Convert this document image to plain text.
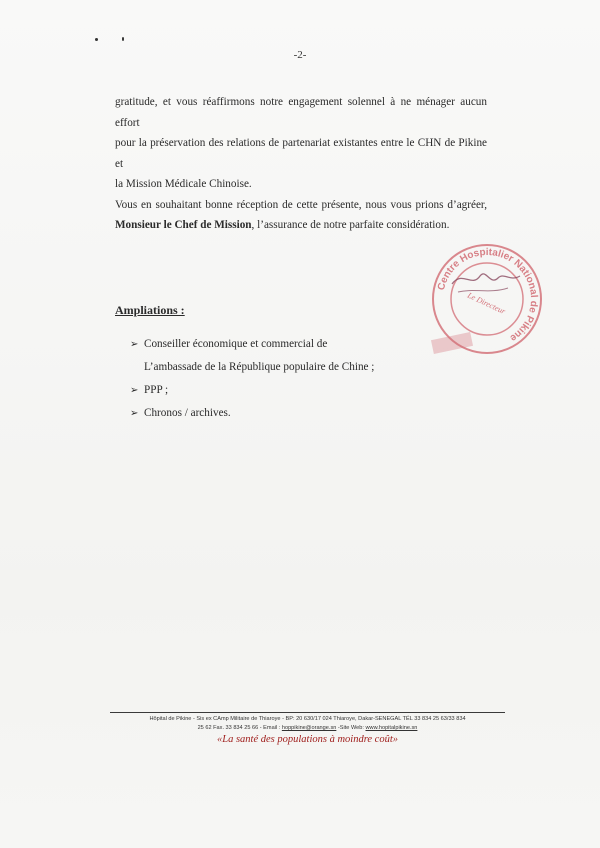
-2-

gratitude, et vous réaffirmons notre engagement solennel à ne ménager aucun effort

pour la préservation des relations de partenariat existantes entre le CHN de Pikine et

la Mission Médicale Chinoise.

Vous en souhaitant bonne réception de cette présente, nous vous prions d’agréer,

Monsieur le Chef de Mission, l’assurance de notre parfaite considération.

Centre Hospitalier National de Pikine
Le Directeur
Ampliations :
➢ Conseiller économique et commercial de
L’ambassade de la République populaire de Chine ;
➢ PPP ;
➢ Chronos / archives.
Hôpital de Pikine - Sis ex CAmp Militaire de Thiaroye - BP: 20 630/17 024 Thiaroye, Dakar-SENEGAL TÉL 33 834 25 63/33 834
25 62 Fax. 33 834 25 66 - Email : hoppikine@orange.sn -Site Web: www.hopitalpikine.sn
«La santé des populations à moindre coût»
